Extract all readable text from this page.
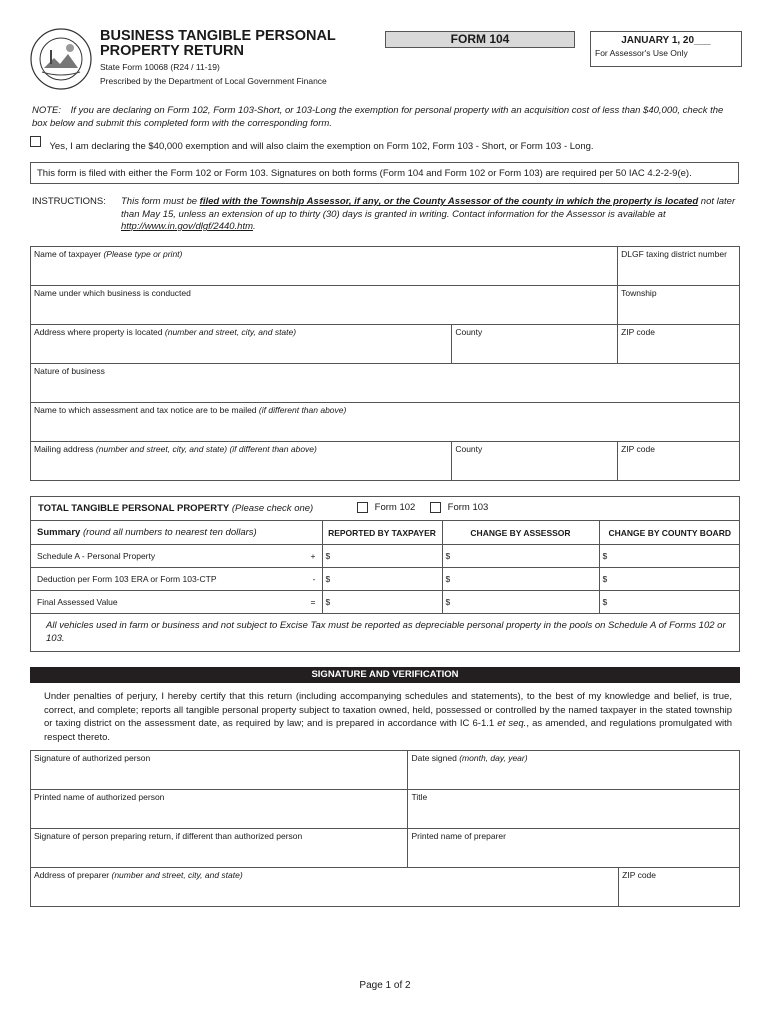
BUSINESS TANGIBLE PERSONAL
PROPERTY RETURN
State Form 10068 (R24 / 11-19)
Prescribed by the Department of Local Government Finance
FORM 104	JANUARY 1, 20___
For Assessor's Use Only
NOTE: If you are declaring on Form 102, Form 103-Short, or 103-Long the exemption for personal property with an acquisition cost of less than $40,000, check the box below and submit this completed form with the corresponding form.
Yes, I am declaring the $40,000 exemption and will also claim the exemption on Form 102, Form 103 - Short, or Form 103 - Long.
This form is filed with either the Form 102 or Form 103. Signatures on both forms (Form 104 and Form 102 or Form 103) are required per 50 IAC 4.2-2-9(e).
INSTRUCTIONS: This form must be filed with the Township Assessor, if any, or the County Assessor of the county in which the property is located not later than May 15, unless an extension of up to thirty (30) days is granted in writing. Contact information for the Assessor is available at http://www.in.gov/dlgf/2440.htm.
Name of taxpayer (Please type or print)		DLGF taxing district number
Name under which business is conducted		Township
Address where property is located (number and street, city, and state)	County	ZIP code
Nature of business		
Name to which assessment and tax notice are to be mailed (if different than above)		
Mailing address (number and street, city, and state) (if different than above)	County	ZIP code
TOTAL TANGIBLE PERSONAL PROPERTY (Please check one)	Form 102	Form 103
Summary (round all numbers to nearest ten dollars)	REPORTED BY TAXPAYER	CHANGE BY ASSESSOR	CHANGE BY COUNTY BOARD
Schedule A - Personal Property +	$	$	$
Deduction per Form 103 ERA or Form 103-CTP -	$	$	$
Final Assessed Value =	$	$	$
All vehicles used in farm or business and not subject to Excise Tax must be reported as depreciable personal property in the pools on Schedule A of Forms 102 or 103.
SIGNATURE AND VERIFICATION
Under penalties of perjury, I hereby certify that this return (including accompanying schedules and statements), to the best of my knowledge and belief, is true, correct, and complete; reports all tangible personal property subject to taxation owned, held, possessed or controlled by the named taxpayer in the stated township or taxing district on the assessment date, as required by law; and is prepared in accordance with IC 6-1.1 et seq., as amended, and regulations promulgated with respect thereto.
Signature of authorized person	Date signed (month, day, year)	
Printed name of authorized person	Title	
Signature of person preparing return, if different than authorized person	Printed name of preparer	
Address of preparer (number and street, city, and state)		ZIP code
Page 1 of 2
